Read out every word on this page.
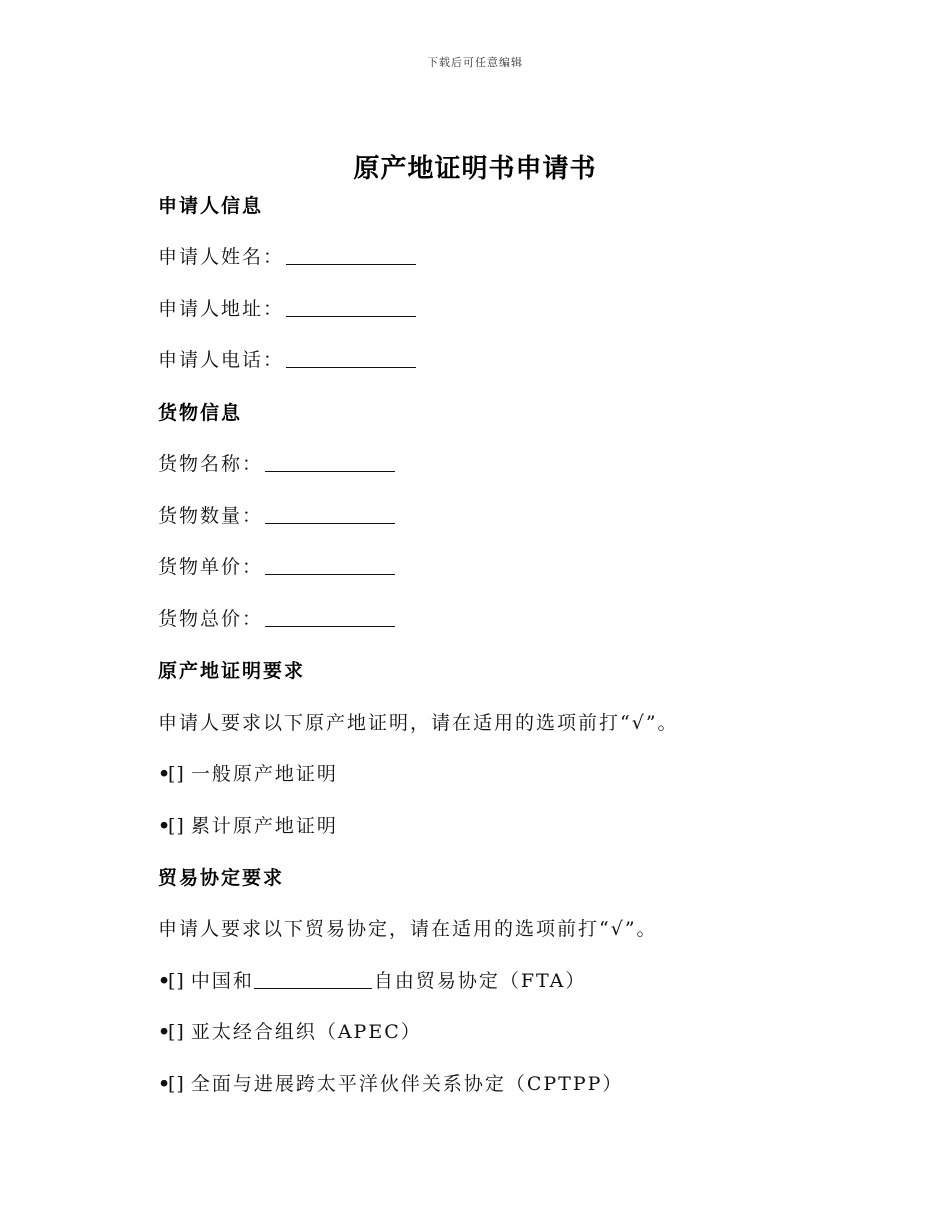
下载后可任意编辑
原产地证明书申请书
申请人信息
申请人姓名：
申请人地址：
申请人电话：
货物信息
货物名称：
货物数量：
货物单价：
货物总价：
原产地证明要求
申请人要求以下原产地证明，请在适用的选项前打“√”。
•[] 一般原产地证明
•[] 累计原产地证明
贸易协定要求
申请人要求以下贸易协定，请在适用的选项前打“√”。
•[] 中国和	自由贸易协定（FTA）
•[] 亚太经合组织（APEC）
•[] 全面与进展跨太平洋伙伴关系协定（CPTPP）
